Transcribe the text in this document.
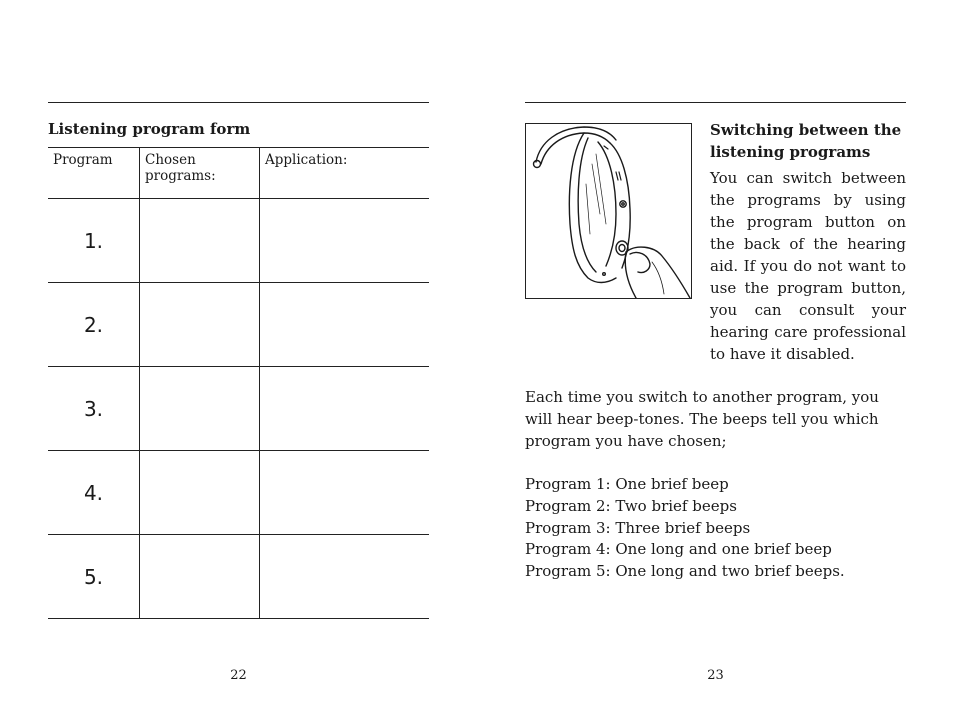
Listening program form
Program	Chosen programs:	Application:
1.		
2.		
3.		
4.		
5.		
22
Switching between the listening programs
You can switch between the programs by using the program button on the back of the hearing aid. If you do not want to use the program button, you can consult your hearing care professional to have it disabled.
Each time you switch to another program, you will hear beep-tones. The beeps tell you which program you have chosen;
Program 1: One brief beep
Program 2: Two brief beeps
Program 3: Three brief beeps
Program 4: One long and one brief beep
Program 5: One long and two brief beeps.
23
